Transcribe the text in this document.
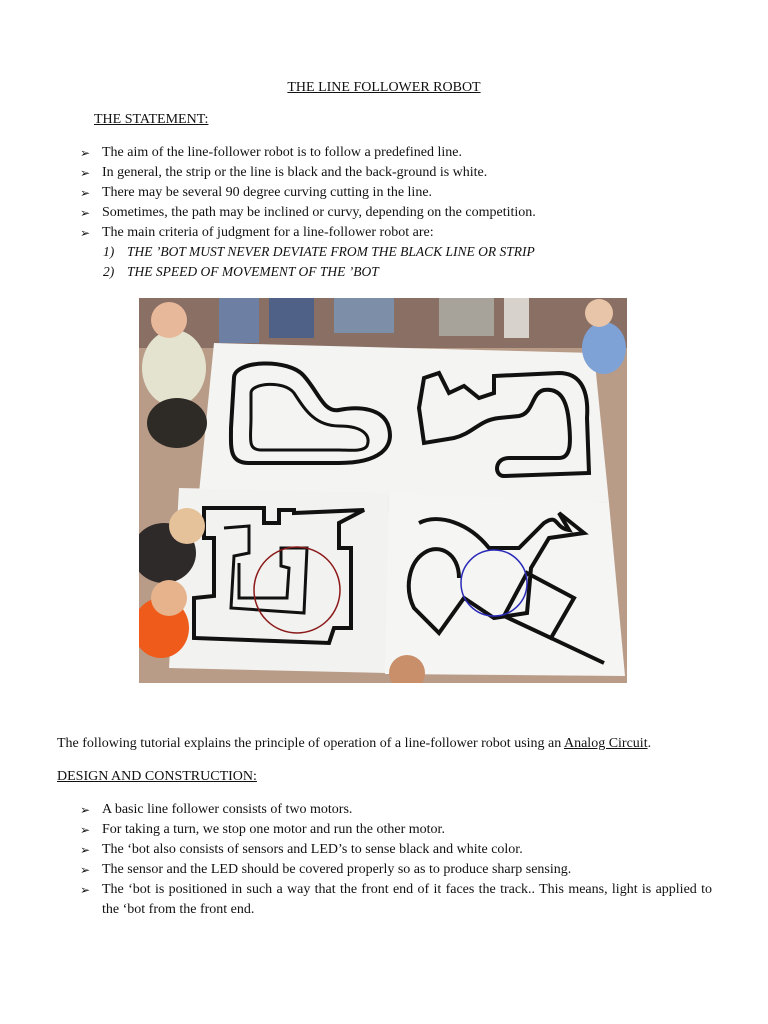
THE LINE FOLLOWER ROBOT
THE STATEMENT:
➢ The aim of the line-follower robot is to follow a predefined line.
➢ In general, the strip or the line is black and the back-ground is white.
➢ There may be several 90 degree curving cutting in the line.
➢ Sometimes, the path may be inclined or curvy, depending on the competition.
➢ The main criteria of judgment for a line-follower robot are:
1) THE ’BOT MUST NEVER DEVIATE FROM THE BLACK LINE OR STRIP
2) THE SPEED OF MOVEMENT OF THE ’BOT

The following tutorial explains the principle of operation of a line-follower robot using an Analog Circuit.

DESIGN AND CONSTRUCTION:
➢ A basic line follower consists of two motors.
➢ For taking a turn, we stop one motor and run the other motor.
➢ The ‘bot also consists of sensors and LED’s to sense black and white color.
➢ The sensor and the LED should be covered properly so as to produce sharp sensing.
➢ The ‘bot is positioned in such a way that the front end of it faces the track.. This means, light is applied to the ‘bot from the front end.
